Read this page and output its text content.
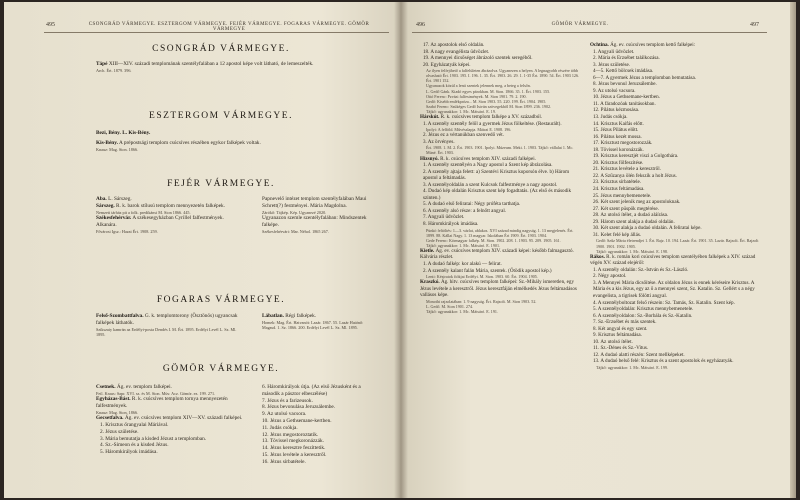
495	CSONGRÁD VÁRMEGYE. ESZTERGOM VÁRMEGYE. FEJÉR VÁRMEGYE. FOGARAS VÁRMEGYE. GÖMÖR VÁRMEGYE
CSONGRÁD VÁRMEGYE.
Tápé XIII—XIV. századi templomának szentélyfalában a 12 apostol képe volt látható, de lemeszelték.
Arch. Ért. 1879. 396.
ESZTERGOM VÁRMEGYE.
Bezi, Bény. L. Kis-Bény.
Kis-Bény. A prépostsági templom csúcsíves részében egykor falképek voltak.
Knauz: Mag. Sion. 1866.
FEJÉR VÁRMEGYE.
Aba. L. Sárszeg.
Sárszeg. R. k. barok stílusú templom mennyezetén falképek.
Nemzeti tárház pit a folk. predikánsi M. Sion 1866. 445.
Székesfehérvár. A székesegyházban Cyrillel falfestmények. Alkanára.
Fővárosi Igsz.: Hazai Ért. 1908. 259.
Papnevelő intézet templom szentélyfalában Maui Schrett(?) festményei. Mária Magdolna.
Zárókő: Tájkép. Kép. Ugyanezé 2020.
Ugyanazon szemle szentélyfalában: Mindszentek falképe.
Székesfehérvári: Mar. Néhol. 1865 267.
FOGARAS VÁRMEGYE.
Felső-Szombattfalva. G. k. templomtorony (Ösztönös) ugyancsak falképek láthatók.
Szikszaiy kamrán az Erdélyi-posta Dendés I. M. Ért. 1895. Erdélyi Levél L. Sz. Ml. 1895.
Lábatlan. Régi falképek.
Homek: Mag. Ért. Hatvanöt: Lazár. 1867. 55. Lazár Hatónő: Magasd. 1. Sz. 1866. 200. Erdélyi Levél L. Sz. Ml. 1895.
GÖMÖR VÁRMEGYE.
Csetnek. Ág. ev. templom falképei.
Feil. Kraus: Sapr. XVI. sz. és M. Sion. Müv. Acz. Gömör. ez. 199. 271.
Egyházas-Bást. R. k. csúcsíves templom tornya mennyezetén falfestmények.
Knauz: Mag. Sion. 1866.
Gecsetfalva. Ág. ev. csúcsíves templom XIV—XV. századi falképei.
1. Krisztus őrangyalai Máriával.
2. Jézus születése.
3. Mária bemutatja a kisded Jézust a templomban.
4. Sz.-Simeon és a kisded Jézus.
5. Háromkirályok imádása.
6. Háromkirályok útja. (Az első Jézusként és a második a pásztor elbeszélése)
7. Jézus és a farizeusok.
8. Jézus bevonulása Jeruzsálembe.
9. Az utolsó vacsora.
10. Jézus a Gethsemane-kertben.
11. Judás csókja.
12. Jézus megostoroztatik.
13. Tövissel megkoronázzák.
14. Jézus keresztre feszíttetik.
15. Jézus levétele a keresztről.
16. Jézus sírbatétele.
496	GÖMÖR VÁRMEGYE.	497
17. Az apostolok első oldalán.
18. A nagy evangélista üdvözlet.
19. A mennyei dicsőséget ábrázoló szentek seregéből.
20. Egyházatyák képei.
Az ilyen felfejthető a falfelületen ábrázolva. Ugyanezen a helyen. A legnagyobb részére több olvasható Ért. 1903. 195. I. 196. 1. 35. Ért. 1903. 26. 29. 1. 1-35 Ért. 1890. 54. Ért. 1903 126. Ért. 1901 152.
Ugyanazok közül a lenti szentek jelennek meg, a beteg a felsőn.
L. Gedő Gánk. Kiadó egyes párokban. M. Sion. 1866. 35. 1. Ért. 1903. 155.
Ottó Ferenc: Pzvázi falfestmények. M. Sion 1901. 79. 2. 190.
Gedő: Kisebb emlékpróza... M. Sion 1903. 55. 220. 199. Ért. 1904. 1905.
Szabó Ferenc: Szükéges Gedő István szövegekből M. Sion 1899. 236. 1902.
Tájkő: ugyanakkor: 1. Mc. Mátsáró. E. 19.
Hárskút. R. k. csúcsíves templom falképe a XV. századból.
1. A szentély szentély felől a gyermek Jézus fölkeltése. (Restaurált).
Ipolyi: A felföld. Művészlapja. Mátrai E. 1908. 196.
2. Jézus ez a vértanúkban szenvedő vét.
3. Az örvényes.
Ért. 1908. 1. M. 2. Ért. 1903. 1901. Ipolyi. Múzeum. Meki. 1. 1903. Tájkő: vállalat 1. Mc. Müné. Ért. 1903.
Hizsnyó. R. k. csúcsíves templom XIV. századi falképei.
1. A szentély szentélyén a Nagy apostol a Szent kép ábrázolása.
2. A szentély ajtaja felett: a) Szentévi Krisztus koporsón élve. b) Három apostol a feltámadás.
3. A szentélyoldalán a szent Kulcsok falfestménye a nagy apostol.
4. Dudaó kép oldalán Krisztus szent kép fogadtatás. (Az első és második szinten.)
5. A dudaó első feliratai: Négy próféta tarthatja.
6. A szentély alsó része: a felnőtt angyal.
7. Angyali üdvözlet.
8. Háromkirályok imádása.
Pünkö feltöltés: 1—3. vázlat, ablakos. XVI század mindig nagyság. 1. 13 megjelenés. Ért. 1899. 88. Kállai Nagy. 1. 13 magyar. Iskolában Ért 1909. Ért. 1903. 1904.
Gede Ferenc: Körmagyar falkép. M. Sion. 1902. 208. 1. 1903. 95. 209. 1905. 161.
Tájkő: ugyanakkor: 1. Mc. Mátsáró. E. 1901.
Kietle. Ág. ev. csúcsíves templom XIV. századi képei: később falmagasztó. Kálvária részlet.
1. A dudaó falkép: kor alakú — felirat.
2. A szentély kalant falán Mária, szentek. (Ötödik apostol kép.)
Lenti: Kéziratok fiókjai Erdélyi. M. Sion. 1903. 60. Ért. 1904. 1905.
Kraszkó. Ág. hitv. csúcsíves templom falképei: Sz.-Mihály ismeretlen, egy Jézus levétele a keresztről. Jézus keresztfáján elmélkedés Jézus feltámadásos vallásos képe.
Monothi rajzolatában: 1. 9 nagyság. Ért. Rajzolt. M. Sion 1903. 52.
L. Gedő. M. Sion 1901. 274.
Tájkő: ugyanakkor: 1. Mc. Mátsáró. E. 191.
Ochtina. Ág. ev. csúcsíves templom kettő falképei:
1. Angyali üdvözlet.
2. Mária és Erzsébet találkozása.
3. Jézus születése.
4—5. Kettő bölcsek imádása.
6—7. A gyermek Jézus a templomban bemutatása.
8. Jézus bevonul Jeruzsálembe.
9. Az utolsó vacsora.
10. Jézus a Gethsemane-kertben.
11. A fáradozóak tanításokban.
12. Pilátus kézmosása.
13. Judás csókja.
14. Krisztus Kaifás előtt.
15. Jézus Pilátus előtt.
16. Pilátus kezét mossa.
17. Krisztust megostorozzák.
18. Tövissel koronázzák.
19. Krisztus keresztjét viszi a Golgothára.
20. Krisztus fölfeszítése.
21. Krisztus levétele a keresztről.
22. A Szűzanya ölén fekszik a holt Jézus.
23. Krisztus sírbatétele.
24. Krisztus feltámadása.
25. Jézus mennybemenetele.
26. Két szent jelenik meg az apostoloknak.
27. Két szent püspök megtérése.
28. Az utolsó ítélet, a dudaó aláírása.
29. Három szent alakja a dudaó oldalán.
30. Két szent alakja a dudaó oldalán. A feliratai képe.
31. Kelet felé kép állás.
Gedő: Szűz Mária életrendjei 1. Ért. Rajz. 10. 194. Lazár. Ért. 1901. 35. Lazár. Rajzolt. Ért. Rajzolt 1900. 1901. 1902. 1905.
Tájkő: ugyanakkor: 1. Mc. Mátsáró. E. 198.
Rákos. R. k. román kori csúcsíves templom szentélyében falképek a XIV. század végén XV. század elejéről:
1. A szentély oldalán: Sz.-István és Sz.-László.
2. Négy apostol.
3. A Mennyei Mária dicsőítése. Az oldalon Jézus is ennek kéréseire Krisztus. A Mária és a kis Jézus, egy az ő a mennyei szent, Sz. Katalin. Sz. Gellért s a négy evangelista, a tigrisek fölötti angyal.
4. A szentélyboltozat felső részein: Sz. Tamás, Sz. Katalin. Szent kép.
5. A szentélyoldalán: Krisztus mennybemenetele.
6. A szentélyoldalon: Sz.-Borbála és Sz.-Katalin.
7. Sz.-Erzsébet és más szentek.
8. Két angyal és egy szent.
9. Krisztus feltámadása.
10. Az utolsó ítélet.
11. Sz.-Dénes és Sz.-Vitus.
12. A dudaó alatti részén: Szent mellképeket.
13. A dudaó belső felé: Krisztus és a szent apostolok és egyházatyák.
Tájkő: ugyanakkor: 1. Mc. Mátsáró. E. 199.
